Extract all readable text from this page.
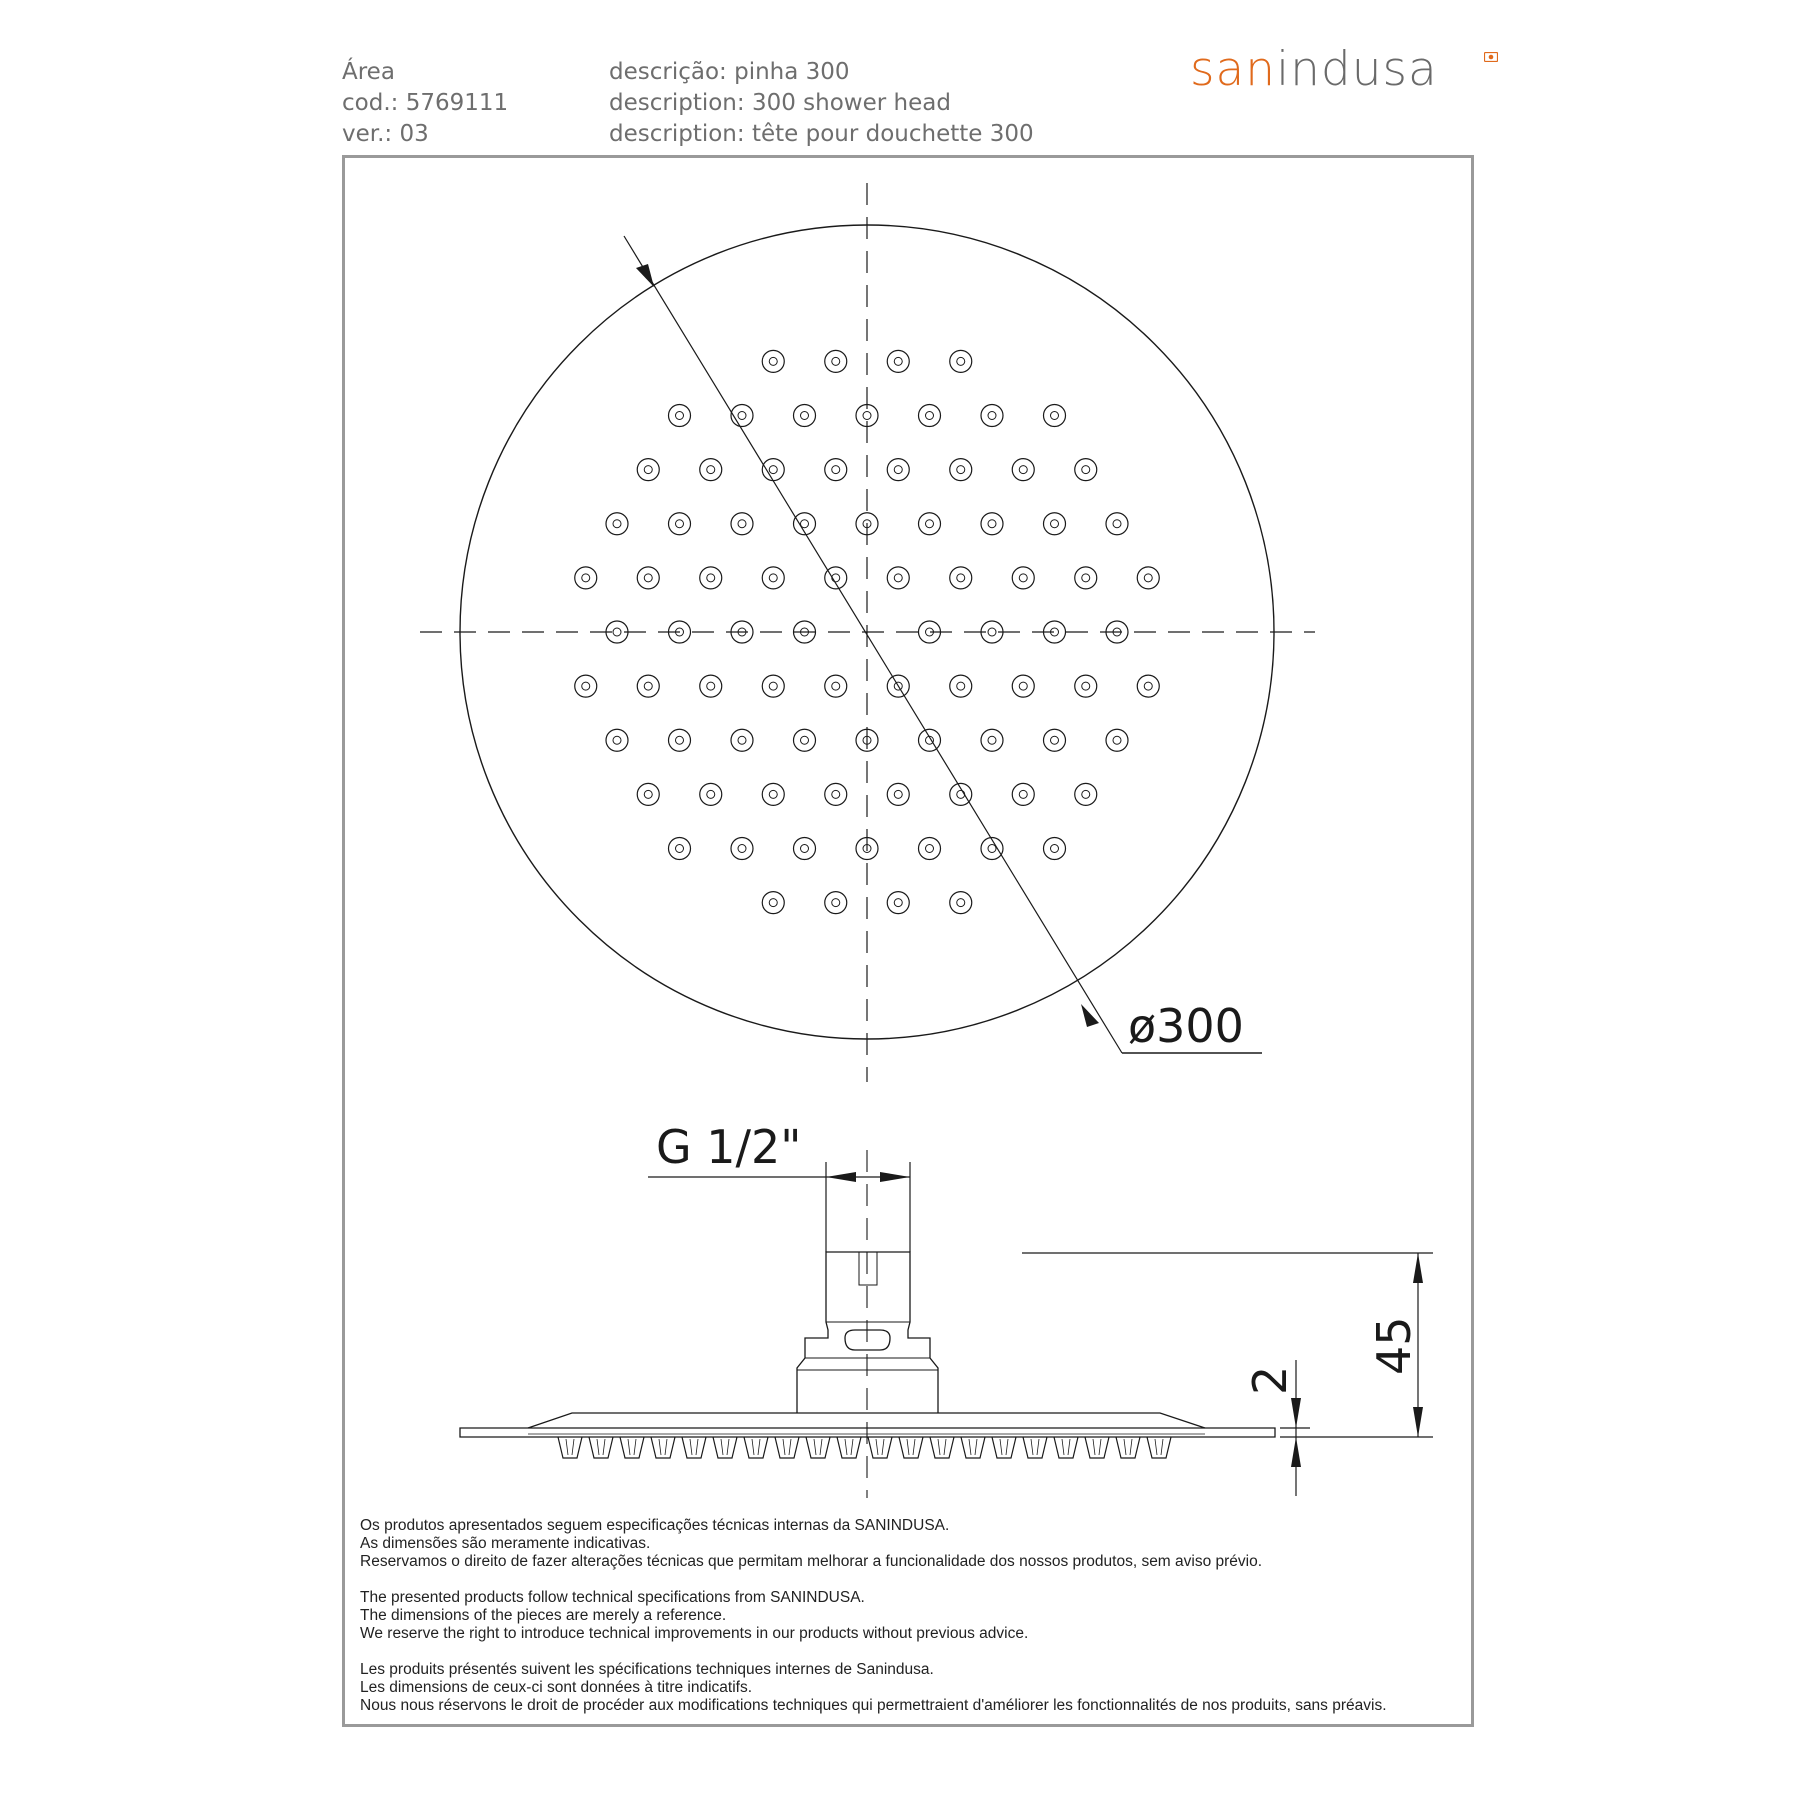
Área
cod.: 5769111
ver.: 03
descrição: pinha 300
description: 300 shower head
description: tête pour douchette 300
sanindusa
ø300
G 1/2"
45
2
Os produtos apresentados seguem especificações técnicas internas da SANINDUSA.
As dimensões são meramente indicativas.
Reservamos o direito de fazer alterações técnicas que permitam melhorar a funcionalidade dos nossos produtos, sem aviso prévio.
The presented products follow technical specifications from SANINDUSA.
The dimensions of the pieces are merely a reference.
We reserve the right to introduce technical improvements in our products without previous advice.
Les produits présentés suivent les spécifications techniques internes de Sanindusa.
Les dimensions de ceux-ci sont données à titre indicatifs.
Nous nous réservons le droit de procéder aux modifications techniques qui permettraient d'améliorer les fonctionnalités de nos produits, sans préavis.
